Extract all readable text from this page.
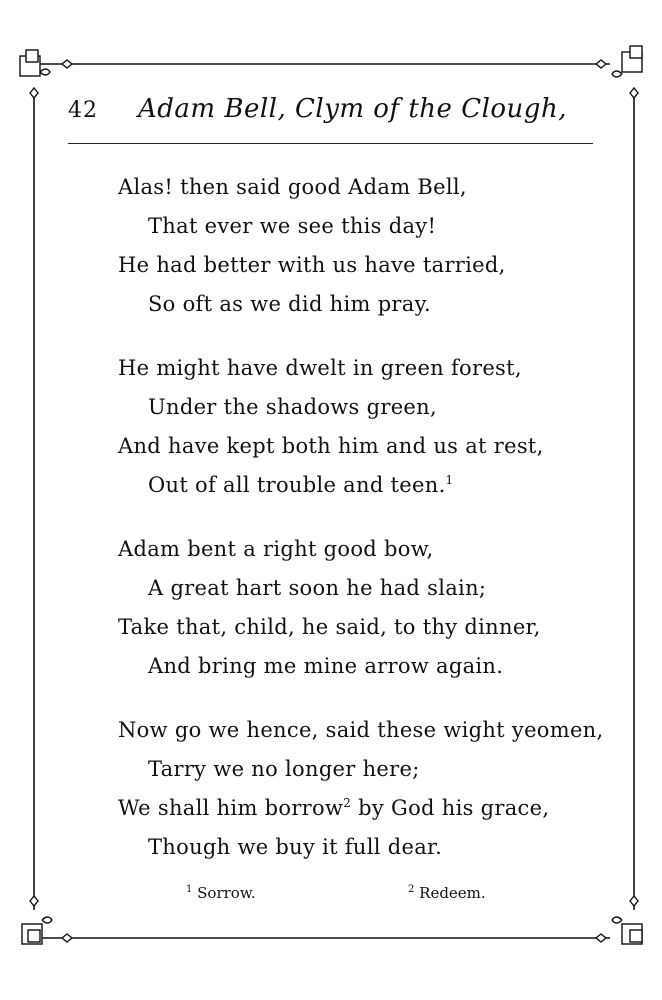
42 Adam Bell, Clym of the Clough,
Alas! then said good Adam Bell,
That ever we see this day!
He had better with us have tarried,
So oft as we did him pray.
He might have dwelt in green forest,
Under the shadows green,
And have kept both him and us at rest,
Out of all trouble and teen.$^1$
Adam bent a right good bow,
A great hart soon he had slain;
Take that, child, he said, to thy dinner,
And bring me mine arrow again.
Now go we hence, said these wight yeomen,
Tarry we no longer here;
We shall him borrow$^2$ by God his grace,
Though we buy it full dear.
$^1$ Sorrow.	$^2$ Redeem.
